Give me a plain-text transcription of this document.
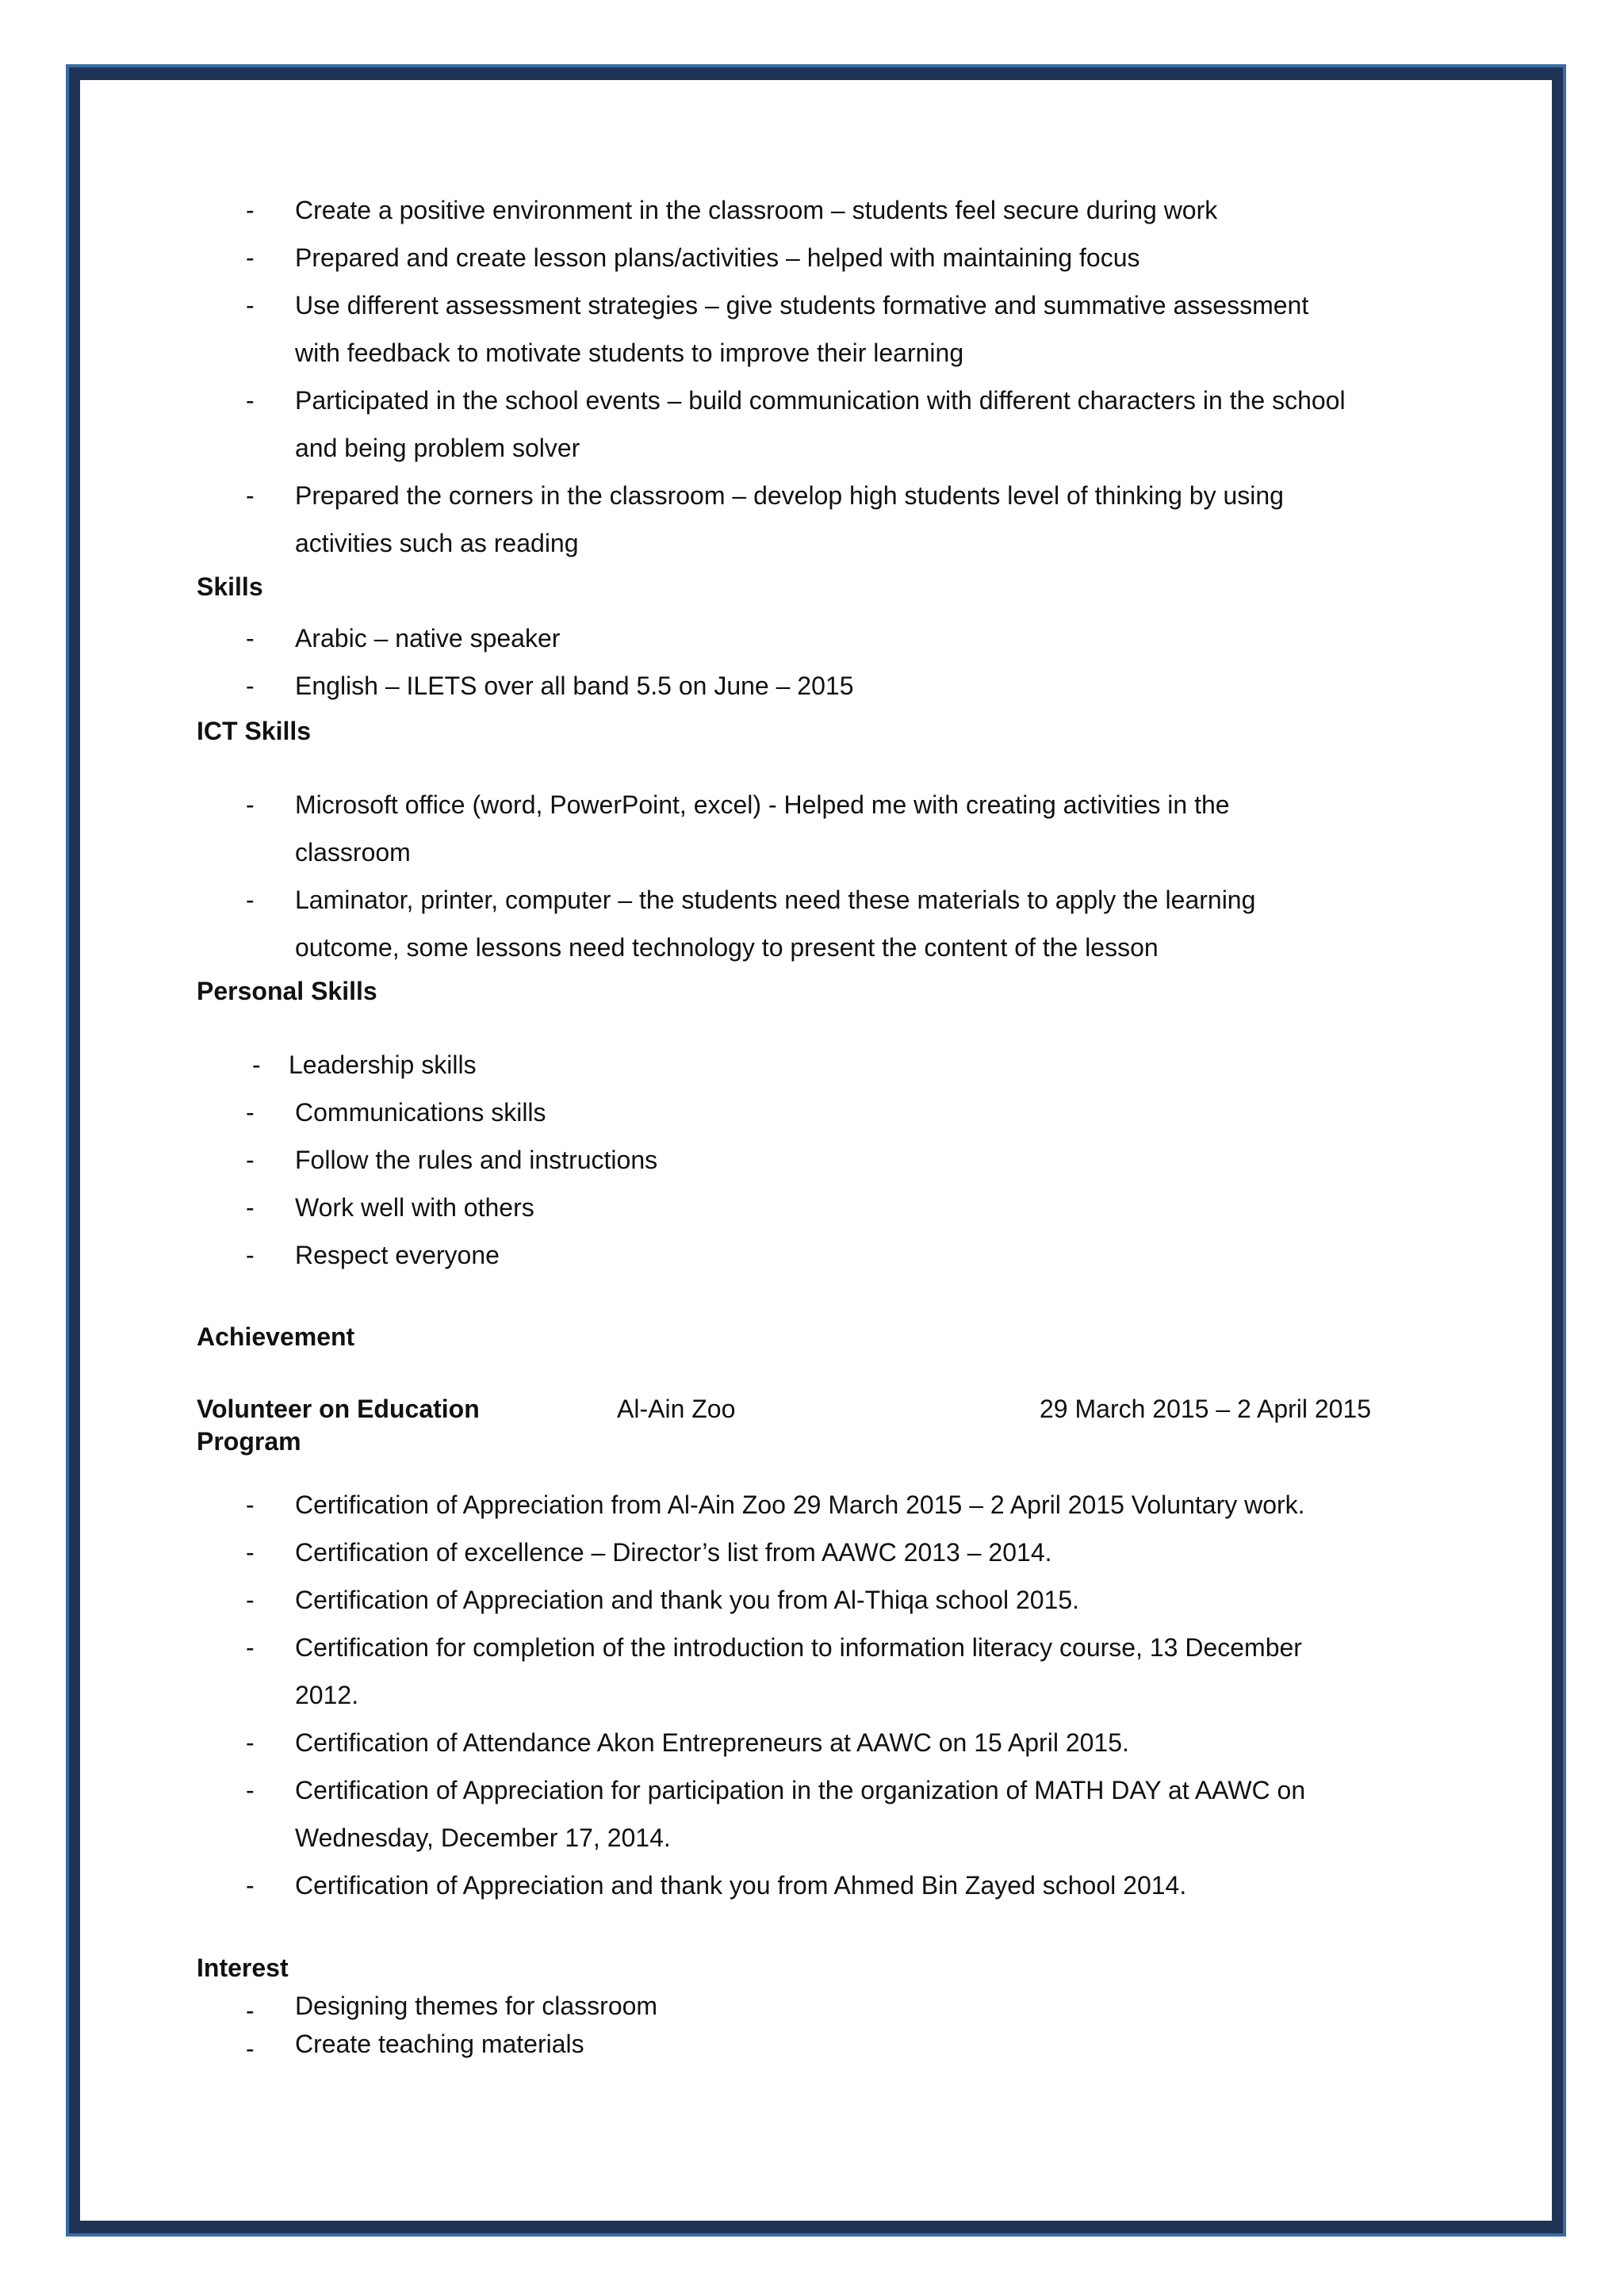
- Create a positive environment in the classroom – students feel secure during work
- Prepared and create lesson plans/activities – helped with maintaining focus
- Use different assessment strategies – give students formative and summative assessment
with feedback to motivate students to improve their learning
- Participated in the school events – build communication with different characters in the school
and being problem solver
- Prepared the corners in the classroom – develop high students level of thinking by using
activities such as reading
Skills
- Arabic – native speaker
- English – ILETS over all band 5.5 on June – 2015
ICT Skills
- Microsoft office (word, PowerPoint, excel) - Helped me with creating activities in the
classroom
- Laminator, printer, computer – the students need these materials to apply the learning
outcome, some lessons need technology to present the content of the lesson
Personal Skills
- Leadership skills
- Communications skills
- Follow the rules and instructions
- Work well with others
- Respect everyone
Achievement
Volunteer on Education
Program
Al-Ain Zoo	29 March 2015 – 2 April 2015
- Certification of Appreciation from Al-Ain Zoo 29 March 2015 – 2 April 2015 Voluntary work.
- Certification of excellence – Director’s list from AAWC 2013 – 2014.
- Certification of Appreciation and thank you from Al-Thiqa school 2015.
- Certification for completion of the introduction to information literacy course, 13 December
2012.
- Certification of Attendance Akon Entrepreneurs at AAWC on 15 April 2015.
- Certification of Appreciation for participation in the organization of MATH DAY at AAWC on
Wednesday, December 17, 2014.
- Certification of Appreciation and thank you from Ahmed Bin Zayed school 2014.
Interest
- Designing themes for classroom
- Create teaching materials
